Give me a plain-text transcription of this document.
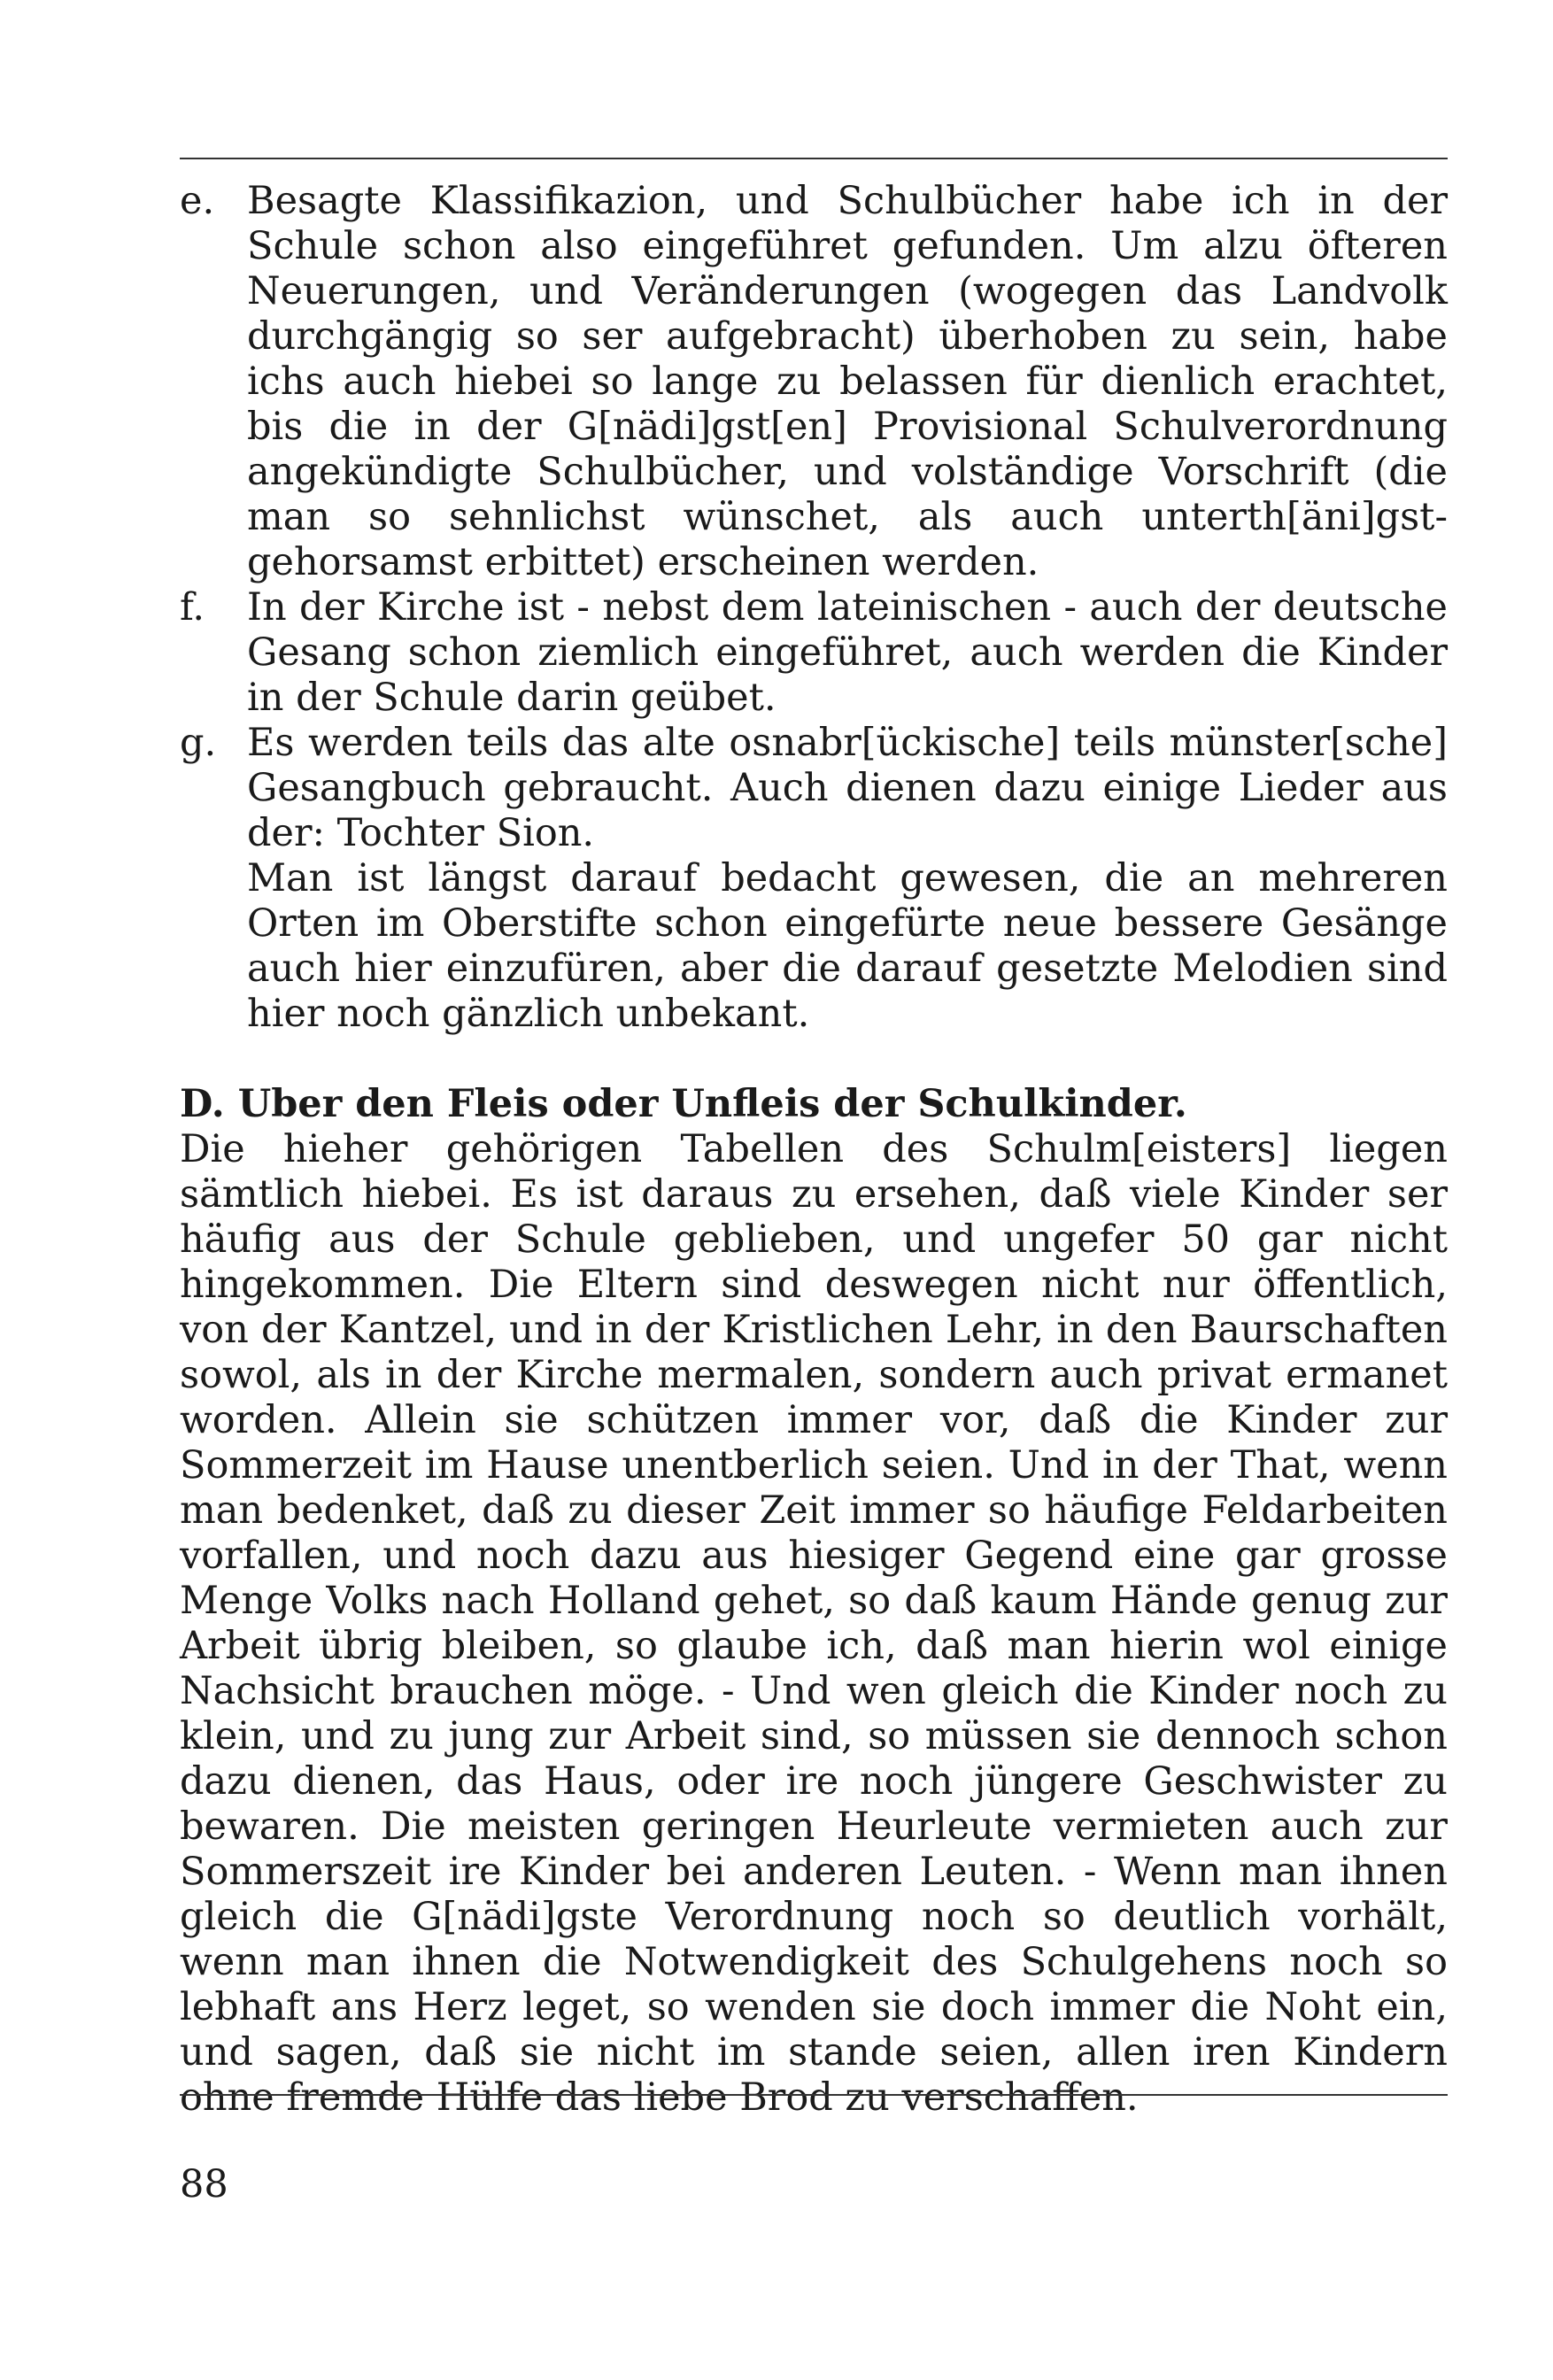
e. Besagte Klassifikazion, und Schulbücher habe ich in der Schule schon also eingeführet gefunden. Um alzu öfteren Neuerungen, und Veränderungen (wogegen das Landvolk durchgängig so ser aufgebracht) überhoben zu sein, habe ichs auch hiebei so lange zu belassen für dienlich erachtet, bis die in der G[nädi]gst[en] Provisional Schulverordnung angekündigte Schulbücher, und volständige Vorschrift (die man so sehnlichst wünschet, als auch unterth[äni]gst-gehorsamst erbittet) erscheinen werden.
f.	In der Kirche ist - nebst dem lateinischen - auch der deutsche Gesang schon ziemlich eingeführet, auch werden die Kinder in der Schule darin geübet.
g. Es werden teils das alte osnabr[ückische] teils münster[sche] Gesangbuch gebraucht. Auch dienen dazu einige Lieder aus der: Tochter Sion.
Man ist längst darauf bedacht gewesen, die an mehreren Orten im Oberstifte schon eingefürte neue bessere Gesänge auch hier einzufüren, aber die darauf gesetzte Melodien sind hier noch gänzlich unbekant.
D. Uber den Fleis oder Unfleis der Schulkinder.
Die hieher gehörigen Tabellen des Schulm[eisters] liegen sämtlich hiebei. Es ist daraus zu ersehen, daß viele Kinder ser häufig aus der Schule geblieben, und ungefer 50 gar nicht hingekommen. Die Eltern sind deswegen nicht nur öffentlich, von der Kantzel, und in der Kristlichen Lehr, in den Baurschaften sowol, als in der Kirche mermalen, sondern auch privat ermanet worden. Allein sie schützen immer vor, daß die Kinder zur Sommerzeit im Hause unentberlich seien. Und in der That, wenn man bedenket, daß zu dieser Zeit immer so häufige Feldarbeiten vorfallen, und noch dazu aus hiesiger Gegend eine gar grosse Menge Volks nach Holland gehet, so daß kaum Hände genug zur Arbeit übrig bleiben, so glaube ich, daß man hierin wol einige Nachsicht brauchen möge. - Und wen gleich die Kinder noch zu klein, und zu jung zur Arbeit sind, so müssen sie dennoch schon dazu dienen, das Haus, oder ire noch jüngere Geschwister zu bewaren. Die meisten geringen Heurleute vermieten auch zur Sommerszeit ire Kinder bei anderen Leuten. - Wenn man ihnen gleich die G[nädi]gste Verordnung noch so deutlich vorhält, wenn man ihnen die Notwendigkeit des Schulgehens noch so lebhaft ans Herz leget, so wenden sie doch immer die Noht ein, und sagen, daß sie nicht im stande seien, allen iren Kindern ohne fremde Hülfe das liebe Brod zu verschaffen.
88
